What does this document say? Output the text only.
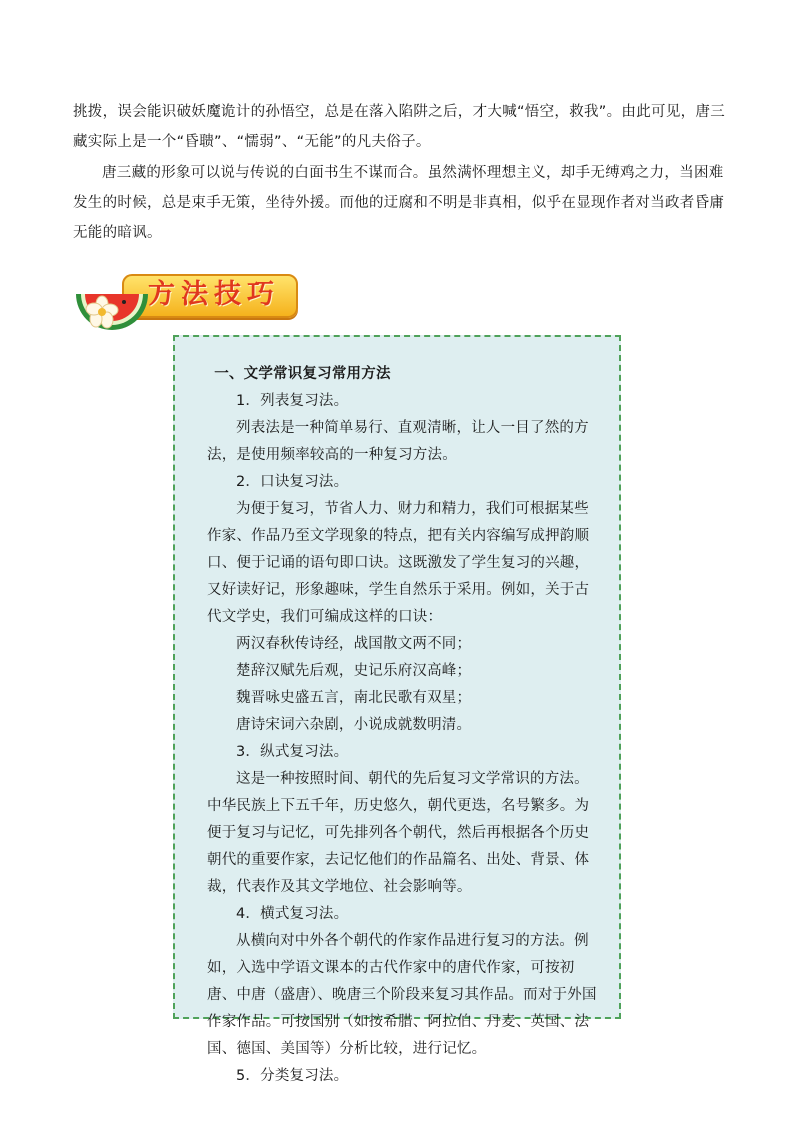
挑拨，误会能识破妖魔诡计的孙悟空，总是在落入陷阱之后，才大喊“悟空，救我”。由此可见，唐三藏实际上是一个“昏聩”、“懦弱”、“无能”的凡夫俗子。

唐三藏的形象可以说与传说的白面书生不谋而合。虽然满怀理想主义，却手无缚鸡之力，当困难发生的时候，总是束手无策，坐待外援。而他的迂腐和不明是非真相，似乎在显现作者对当政者昏庸无能的暗讽。

方法技巧

一、文学常识复习常用方法

1．列表复习法。

列表法是一种简单易行、直观清晰，让人一目了然的方法，是使用频率较高的一种复习方法。

2．口诀复习法。

为便于复习，节省人力、财力和精力，我们可根据某些作家、作品乃至文学现象的特点，把有关内容编写成押韵顺口、便于记诵的语句即口诀。这既激发了学生复习的兴趣，又好读好记，形象趣味，学生自然乐于采用。例如，关于古代文学史，我们可编成这样的口诀：

两汉春秋传诗经，战国散文两不同；

楚辞汉赋先后观，史记乐府汉高峰；

魏晋咏史盛五言，南北民歌有双星；

唐诗宋词六杂剧，小说成就数明清。

3．纵式复习法。

这是一种按照时间、朝代的先后复习文学常识的方法。中华民族上下五千年，历史悠久，朝代更迭，名号繁多。为便于复习与记忆，可先排列各个朝代，然后再根据各个历史朝代的重要作家，去记忆他们的作品篇名、出处、背景、体裁，代表作及其文学地位、社会影响等。

4．横式复习法。

从横向对中外各个朝代的作家作品进行复习的方法。例如，入选中学语文课本的古代作家中的唐代作家，可按初唐、中唐（盛唐）、晚唐三个阶段来复习其作品。而对于外国作家作品。可按国别（如按希腊、阿拉伯、丹麦、英国、法国、德国、美国等）分析比较，进行记忆。

5．分类复习法。
